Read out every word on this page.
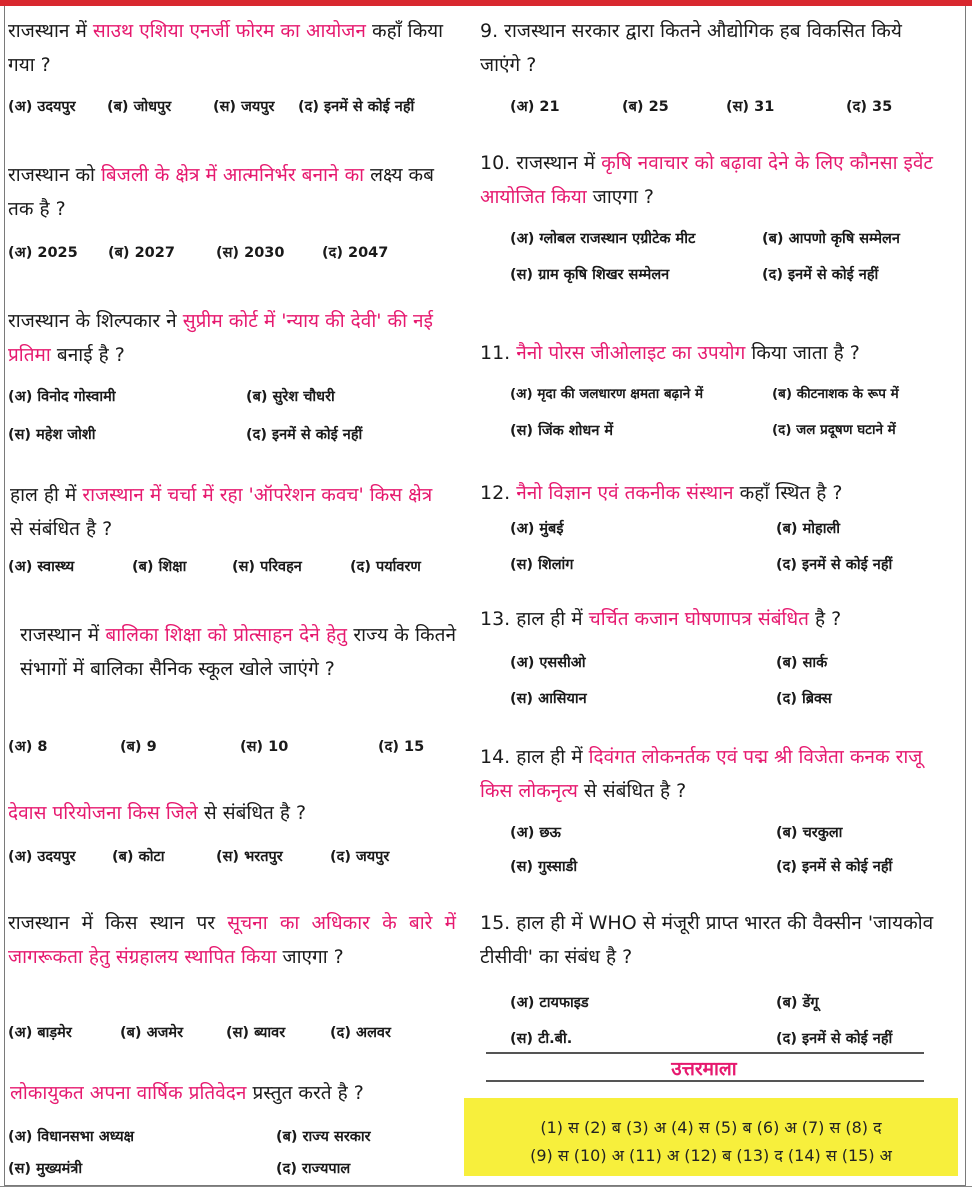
राजस्थान में साउथ एशिया एनर्जी फोरम का आयोजन कहाँ किया गया ?
(अ) उदयपुर (ब) जोधपुर	(स) जयपुर (द) इनमें से कोई नहीं
राजस्थान को बिजली के क्षेत्र में आत्मनिर्भर बनाने का लक्ष्य कब तक है ?
(अ) 2025 (ब) 2027	(स) 2030	(द) 2047
राजस्थान के शिल्पकार ने सुप्रीम कोर्ट में 'न्याय की देवी' की नई प्रतिमा बनाई है ?
(अ) विनोद गोस्वामी	(ब) सुरेश चौधरी
(स) महेश जोशी	(द) इनमें से कोई नहीं
हाल ही में राजस्थान में चर्चा में रहा 'ऑपरेशन कवच' किस क्षेत्र से संबंधित है ?
(अ) स्वास्थ्य	(ब) शिक्षा	(स) परिवहन	(द) पर्यावरण
राजस्थान में बालिका शिक्षा को प्रोत्साहन देने हेतु राज्य के कितने संभागों में बालिका सैनिक स्कूल खोले जाएंगे ?
(अ) 8	(ब) 9	(स) 10	(द) 15
देवास परियोजना किस जिले से संबंधित है ?
(अ) उदयपुर	(ब) कोटा	(स) भरतपुर	(द) जयपुर
राजस्थान में किस स्थान पर सूचना का अधिकार के बारे में जागरूकता हेतु संग्रहालय स्थापित किया जाएगा ?
(अ) बाड़मेर	(ब) अजमेर	(स) ब्यावर	(द) अलवर
लोकायुकत अपना वार्षिक प्रतिवेदन प्रस्तुत करते है ?
(अ) विधानसभा अध्यक्ष	(ब) राज्य सरकार
(स) मुख्यमंत्री	(द) राज्यपाल
9. राजस्थान सरकार द्वारा कितने औद्योगिक हब विकसित किये जाएंगे ?
(अ) 21	(ब) 25	(स) 31	(द) 35
10. राजस्थान में कृषि नवाचार को बढ़ावा देने के लिए कौनसा इवेंट आयोजित किया जाएगा ?
(अ) ग्लोबल राजस्थान एग्रीटेक मीट	(ब) आपणो कृषि सम्मेलन
(स) ग्राम कृषि शिखर सम्मेलन	(द) इनमें से कोई नहीं
11. नैनो पोरस जीओलाइट का उपयोग किया जाता है ?
(अ) मृदा की जलधारण क्षमता बढ़ाने में	(ब) कीटनाशक के रूप में
(स) जिंक शोधन में	(द) जल प्रदूषण घटाने में
12. नैनो विज्ञान एवं तकनीक संस्थान कहाँ स्थित है ?
(अ) मुंबई	(ब) मोहाली
(स) शिलांग	(द) इनमें से कोई नहीं
13. हाल ही में चर्चित कजान घोषणापत्र संबंधित है ?
(अ) एससीओ	(ब) सार्क
(स) आसियान	(द) ब्रिक्स
14. हाल ही में दिवंगत लोकनर्तक एवं पद्म श्री विजेता कनक राजू किस लोकनृत्य से संबंधित है ?
(अ) छऊ	(ब) चरकुला
(स) गुस्साडी	(द) इनमें से कोई नहीं
15. हाल ही में WHO से मंजूरी प्राप्त भारत की वैक्सीन 'जायकोव टीसीवी' का संबंध है ?
(अ) टायफाइड	(ब) डेंगू
(स) टी.बी.	(द) इनमें से कोई नहीं
उत्तरमाला
(1) स (2) ब (3) अ (4) स (5) ब (6) अ (7) स (8) द
(9) स (10) अ (11) अ (12) ब (13) द (14) स (15) अ
